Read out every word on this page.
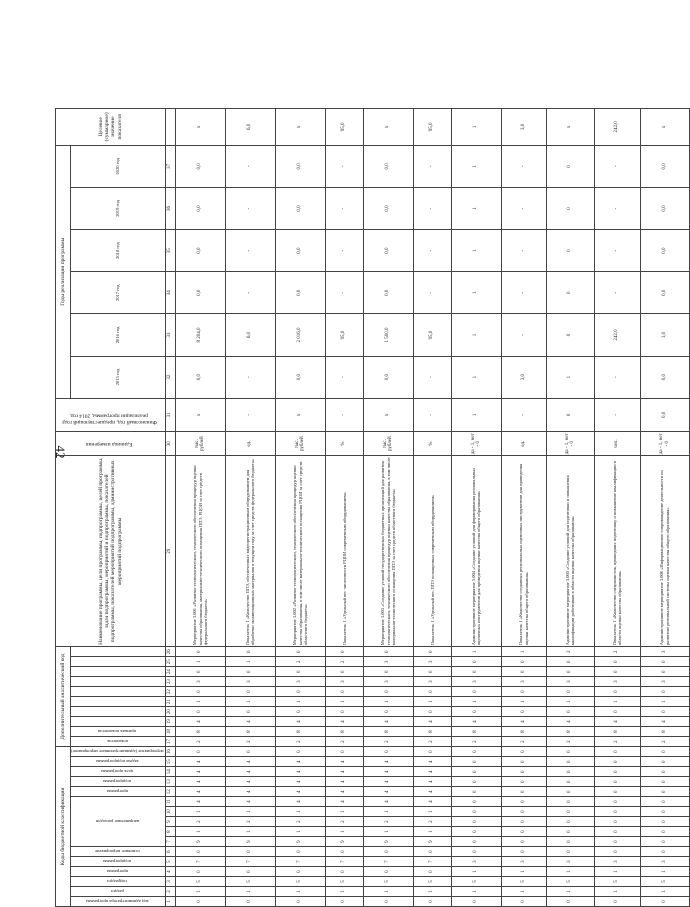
42
Коды бюджетной классификации																Дополнительный аналитический код										Наименование программы, цели программы, подпрограммы, целей программы, задач подпрограммы, мероприятий и подпрограммы, показателей подпрограммы, показателей мероприятий подпрограммы, административных мероприятий подпрограммы	Единица измерения	Финансовый год, предшествующий году реализации программы, 2014 год	Годы реализации программы						Целевое (суммарное) значение показателя
код администратора программы	раздел	подраздел	программа	подпрограмма	основное мероприятие	направление расходов					программа	подпрограмма	цель программы	задача подпрограммы	мероприятие (административное мероприятие)	показатель	признак показателя												2015 год	2016 год	2017 год	2018 год	2019 год	2020 год	
1	2	3	4	5	6	7	8	9	10	11	12	13	14	15	16	17	18	19	20	21	22	23	24	25	26	29	30	31	32	33	34	35	36	37	
0	1	5	0	7	0	9	1	2	1	4	4	4	4	4	0	2	8	4	0	1	0	3	0	1	0	Мероприятие 3.001 «Развитие технологического, технического обеспечения процедур оценки качества образования, материально-технического оснащения ППЭ, РЦОИ за счет средств федерального бюджета»	тыс. рублей	x	0,0	8 204,0	0,0	0,0	0,0	0,0	x
0	1	5	0	7	0	9	1	2	1	4	4	4	4	4	0	2	8	4	0	1	0	3	0	1	0	Показатель 1 «Количество ППЭ, обеспеченных видеорегистрационным оборудованием для обработки экзаменационных материалов в текущем году за счет средств федерального бюджета»	ед.	-	-	6,0	-	-	-	-	6,0
0	1	5	0	7	0	9	1	2	1	4	4	4	4	4	0	2	8	4	0	1	0	3	0	2	0	Мероприятие 3.002 «Развитие технологического, технического обеспечения процедур оценки качества образования, в том числе материально-технического оснащения РЦОИ за счет средств областного бюджета»	тыс. рублей	x	0,0	2 016,0	0,0	0,0	0,0	0,0	x
0	1	5	0	7	0	9	1	2	1	4	4	4	4	4	0	2	8	4	0	1	0	3	0	2	0	Показатель 1 «Удельный вес численности РЦОИ современным оборудованием»	%	-	-	95,0	-	-	-	-	95,0
0	1	5	0	7	0	9	1	2	1	4	4	4	4	4	0	2	8	4	0	1	0	3	0	3	0	Мероприятие 3.003 «Создание условий государственных бюджетных организаций для развития технологического, технического обеспечения процедур оценки качества образования, в том числе материально-технического оснащения ППЭ за счет средств областного бюджета»	тыс. рублей	x	0,0	1 500,0	0,0	0,0	0,0	0,0	x
0	1	5	0	7	0	9	1	2	1	4	4	4	4	4	0	2	8	4	0	1	0	3	0	3	0	Показатель 1 «Удельный вес ППЭ оснащенных современным оборудованием»	%	-	-	95,0	-	-	-	-	95,0
0	1	5	1	3	0	0	0	0	0	0	0	0	0	0	0	2	8	4	0	1	0	3	0	0	1	Административное мероприятие 3.004 «Создание условий для формирования региональных оценочных инструментов для проведения оценки качества общего образования»	да - 1, нет - 0	1	1	1	1	1	1	1	1
0	1	5	1	3	0	0	0	0	0	0	0	0	0	0	0	2	8	4	0	1	0	3	0	0	1	Показатель 1 «Количество созданных региональных оценочных инструментов для проведения оценки качества общего образования»	ед.	-	3,0	-	-	-	-	-	3,0
0	1	5	1	3	0	0	0	0	0	0	0	0	0	0	0	2	8	4	0	1	0	3	0	0	2	Административное мероприятие 3.005 «Создание условий для подготовки и повышения квалификации работников в области оценки качества образования»	да - 1, нет - 0	0	1	0	0	0	0	0	x
0	1	5	1	3	0	0	0	0	0	0	0	0	0	0	0	2	8	4	0	1	0	3	0	0	2	Показатель 1 «Количество специалистов, прошедших подготовку и повышение квалификации в области оценки качества образования»	чел.	-	-	242,0	-	-	-	-	242,0
0	1	5	1	3	0	0	0	0	0	0	0	0	0	0	0	2	8	4	0	1	0	3	0	0	3	Административное мероприятие 3.006 «Информационное сопровождение деятельности по развитию региональной системы оценки качества общего образования»	да - 1, нет - 0	0,0	0,0	1,0	0,0	0,0	0,0	0,0	x
